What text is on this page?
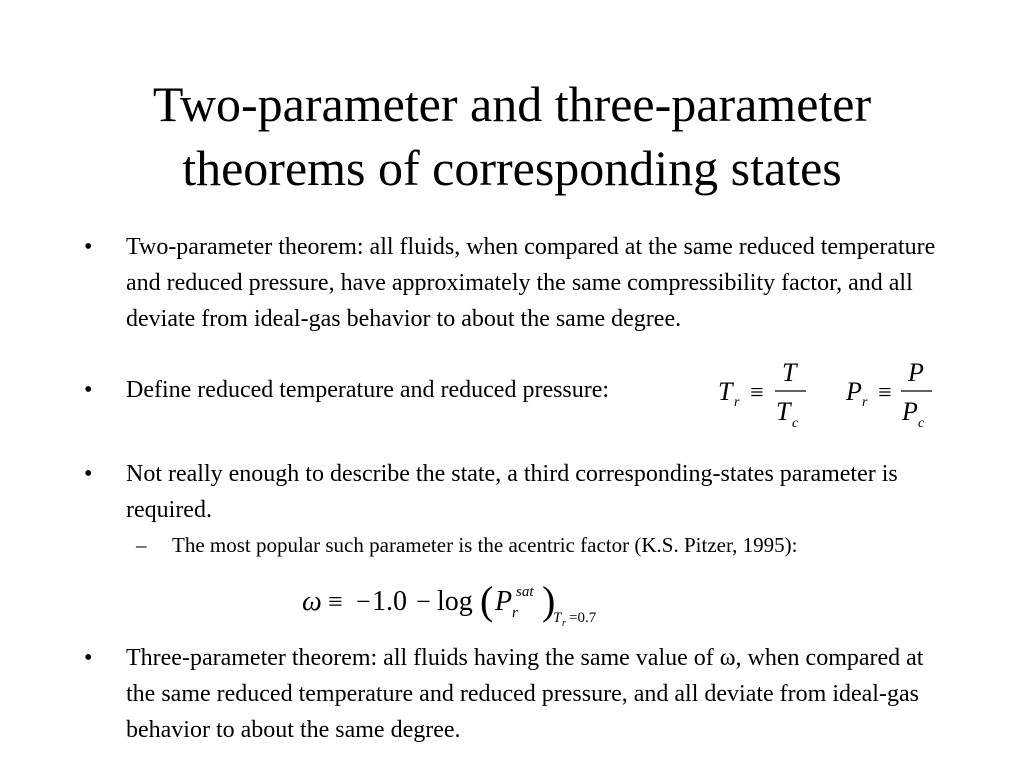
Two-parameter and three-parameter
theorems of corresponding states
•	Two-parameter theorem: all fluids, when compared at the same reduced temperature and reduced pressure, have approximately the same compressibility factor, and all deviate from ideal-gas behavior to about the same degree.
•	Define reduced temperature and reduced pressure:	T r ≡
T
T c
P r ≡
P
P c
•	Not really enough to describe the state, a third corresponding-states parameter is required.
–	The most popular such parameter is the acentric factor (K.S. Pitzer, 1995):
ω ≡ − 1.0 − log ( P sat
r )
T r =0.7
•	Three-parameter theorem: all fluids having the same value of ω, when compared at the same reduced temperature and reduced pressure, and all deviate from ideal-gas behavior to about the same degree.
